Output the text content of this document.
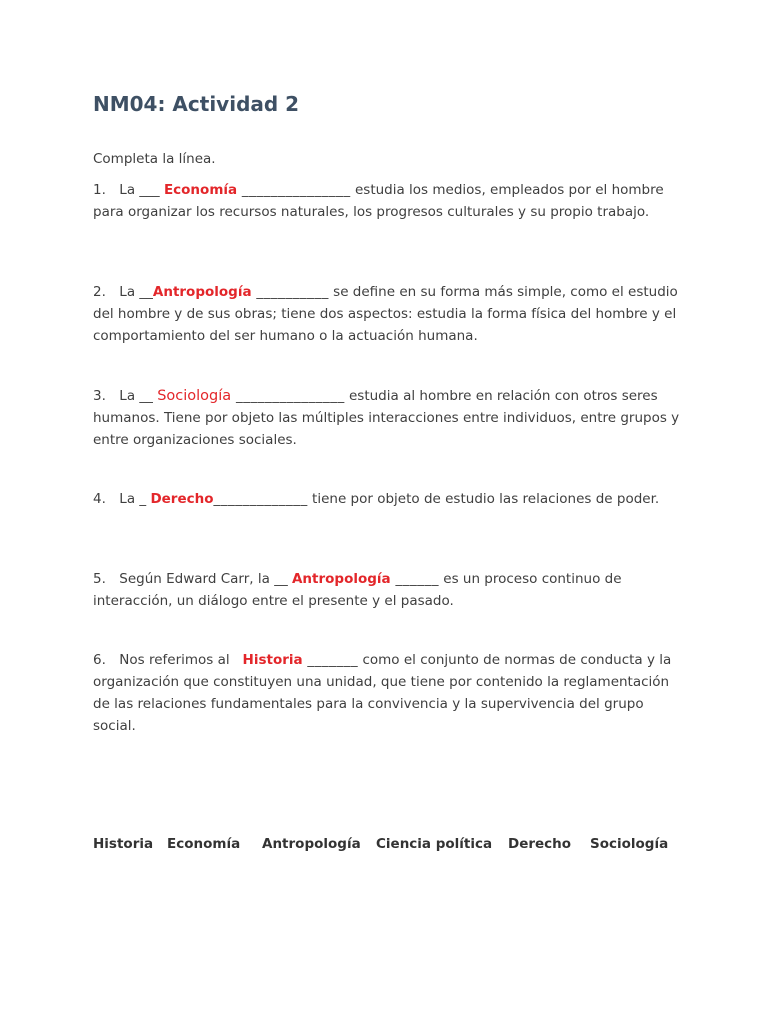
NM04: Actividad 2

Completa la línea.

1. La ___ Economía _______________ estudia los medios, empleados por el hombre para organizar los recursos naturales, los progresos culturales y su propio trabajo.

2. La __Antropología __________ se define en su forma más simple, como el estudio del hombre y de sus obras; tiene dos aspectos: estudia la forma física del hombre y el comportamiento del ser humano o la actuación humana.

3. La __ Sociología _______________ estudia al hombre en relación con otros seres humanos. Tiene por objeto las múltiples interacciones entre individuos, entre grupos y entre organizaciones sociales.

4. La _ Derecho_____________ tiene por objeto de estudio las relaciones de poder.

5. Según Edward Carr, la __ Antropología ______ es un proceso continuo de interacción, un diálogo entre el presente y el pasado.

6. Nos referimos al   Historia _______ como el conjunto de normas de conducta y la organización que constituyen una unidad, que tiene por contenido la reglamentación de las relaciones fundamentales para la convivencia y la supervivencia del grupo social.

Historia Economía Antropología Ciencia política Derecho Sociología
